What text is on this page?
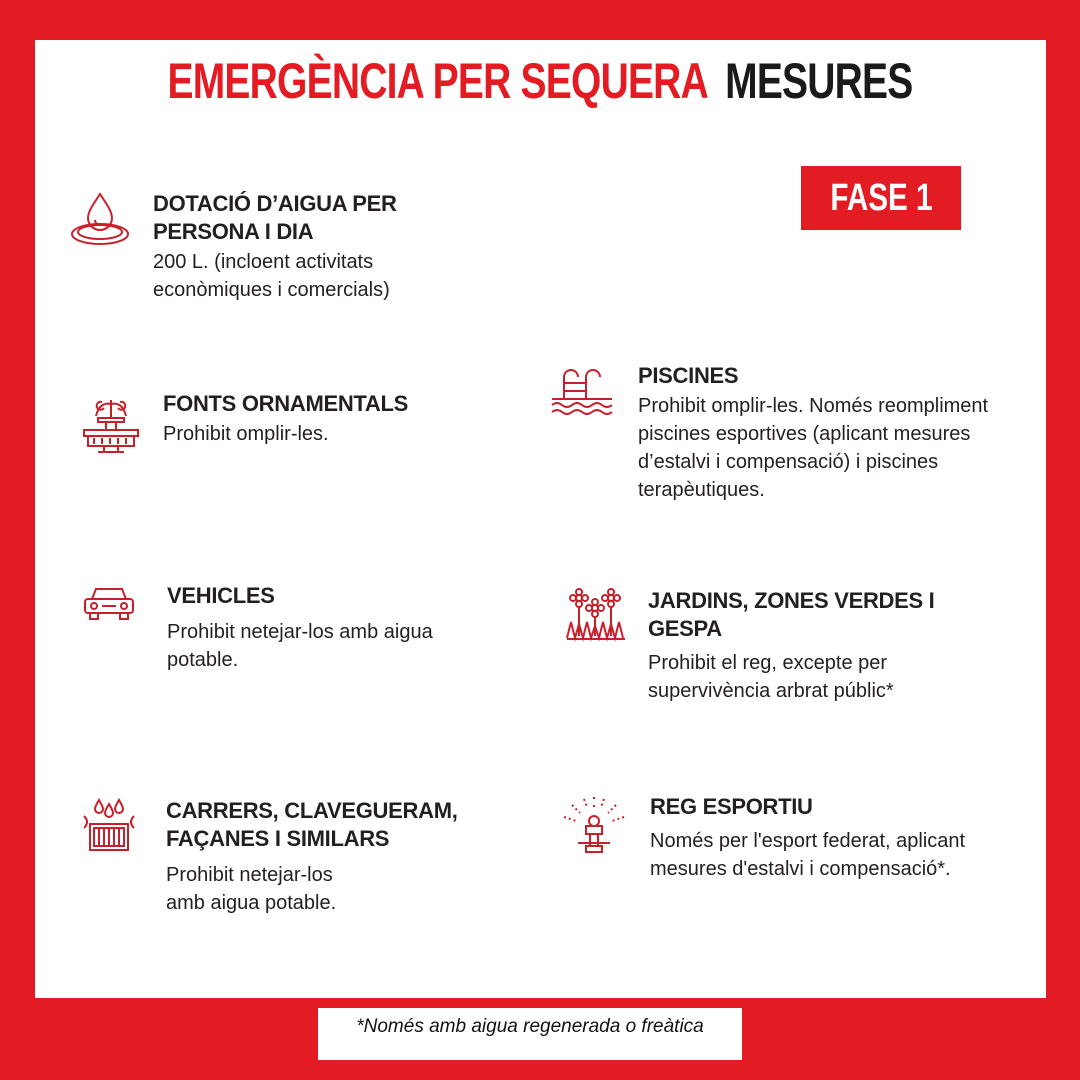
EMERGÈNCIA PER SEQUERA MESURES
FASE 1
DOTACIÓ D’AIGUA PER PERSONA I DIA
200 L. (incloent activitats econòmiques i comercials)
FONTS ORNAMENTALS
Prohibit omplir-les.
PISCINES
Prohibit omplir-les. Només reompliment piscines esportives (aplicant mesures d’estalvi i compensació) i piscines terapèutiques.
VEHICLES
Prohibit netejar-los amb aigua potable.
JARDINS, ZONES VERDES I GESPA
Prohibit el reg, excepte per supervivència arbrat públic*
CARRERS, CLAVEGUERAM, FAÇANES I SIMILARS
Prohibit netejar-los amb aigua potable.
REG ESPORTIU
Només per l'esport federat, aplicant mesures d'estalvi i compensació*.
*Només amb aigua regenerada o freàtica
